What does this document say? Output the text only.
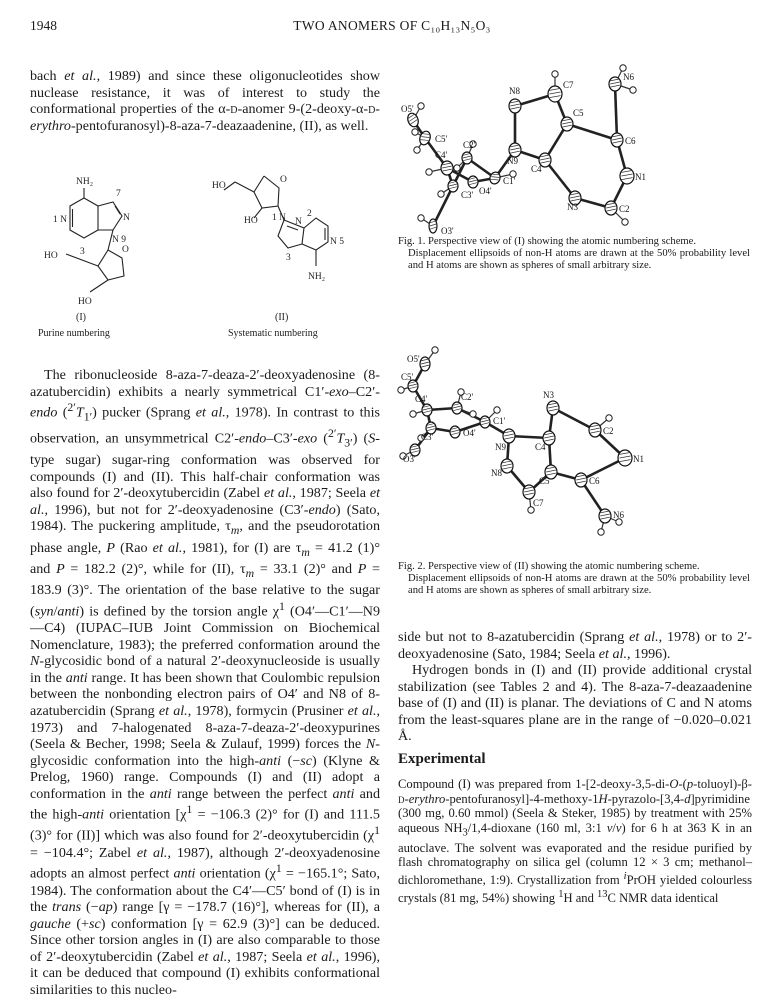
1948	TWO ANOMERS OF C₁₀H₁₃N₅O₃
bach et al., 1989) and since these oligonucleotides show nuclease resistance, it was of interest to study the conformational properties of the α-d-anomer 9-(2-deoxy-α-d-erythro-pentofuranosyl)-8-aza-7-deazaadenine, (II), as well.
NH₂
1 N
7
N
N 9
3
HO
O
HO
HO
O
HO 1 N N
2
N 5
3
NH₂
(I)	(II)
Purine numbering	Systematic numbering

The ribonucleoside 8-aza-7-deaza-2′-deoxyadenosine (8-azatubercidin) exhibits a nearly symmetrical C1′-exo–C2′-endo $(^{2'}T_{1'})$ pucker (Sprang et al., 1978). In contrast to this observation, an unsymmetrical C2′-endo–C3′-exo $(^{2'}T_{3'})$ (S-type sugar) sugar-ring conformation was observed for compounds (I) and (II). This half-chair conformation was also found for 2′-deoxytubercidin (Zabel et al., 1987; Seela et al., 1996), but not for 2′-deoxyadenosine (C3′-endo) (Sato, 1984). The puckering amplitude, $\tau_m$, and the pseudorotation phase angle, P (Rao et al., 1981), for (I) are $\tau_m = 41.2$ (1)° and P = 182.2 (2)°, while for (II), $\tau_m = 33.1$ (2)° and P = 183.9 (3)°. The orientation of the base relative to the sugar (syn/anti) is defined by the torsion angle $\chi^1$ (O4′—C1′—N9—C4) (IUPAC–IUB Joint Commission on Biochemical Nomenclature, 1983); the preferred conformation around the N-glycosidic bond of a natural 2′-deoxynucleoside is usually in the anti range. It has been shown that Coulombic repulsion between the nonbonding electron pairs of O4′ and N8 of 8-azatubercidin (Sprang et al., 1978), formycin (Prusiner et al., 1973) and 7-halogenated 8-aza-7-deaza-2′-deoxypurines (Seela & Becher, 1998; Seela & Zulauf, 1999) forces the N-glycosidic conformation into the high-anti (−sc) (Klyne & Prelog, 1960) range. Compounds (I) and (II) adopt a conformation in the anti range between the perfect anti and the high-anti orientation [$\chi^1 = -106.3$ (2)° for (I) and 111.5 (3)° for (II)] which was also found for 2′-deoxytubercidin ($\chi^1 = -104.4^\circ$; Zabel et al., 1987), although 2′-deoxyadenosine adopts an almost perfect anti orientation ($\chi^1 = -165.1^\circ$; Sato, 1984). The conformation about the C4′—C5′ bond of (I) is in the trans (−ap) range [γ = −178.7 (16)°], whereas for (II), a gauche (+sc) conformation [γ = 62.9 (3)°] can be deduced. Since other torsion angles in (I) are also comparable to those of 2′-deoxytubercidin (Zabel et al., 1987; Seela et al., 1996), it can be deduced that compound (I) exhibits conformational similarities to this nucleo-

O5'
C5'
C4'
C3'
O3'
O4'
C2'
C1'
N8
C7
N6
C5
C6
N9
C4
N1
N3	C2
Fig. 1. Perspective view of (I) showing the atomic numbering scheme.
Displacement ellipsoids of non-H atoms are drawn at the 50% probability level and H atoms are shown as spheres of small arbitrary size.
O5'
C5'
C4'	C2'
C1'
O4'
C3'
O3'
N3
N9	C4
C2
N1
N8
C5	C6
C7
N6
Fig. 2. Perspective view of (II) showing the atomic numbering scheme.
Displacement ellipsoids of non-H atoms are drawn at the 50% probability level and H atoms are shown as spheres of small arbitrary size.

side but not to 8-azatubercidin (Sprang et al., 1978) or to 2′-deoxyadenosine (Sato, 1984; Seela et al., 1996).

Hydrogen bonds in (I) and (II) provide additional crystal stabilization (see Tables 2 and 4). The 8-aza-7-deazaadenine base of (I) and (II) is planar. The deviations of C and N atoms from the least-squares plane are in the range of −0.020–0.021 Å.

Experimental
Compound (I) was prepared from 1-[2-deoxy-3,5-di-O-(p-toluoyl)-β-d-erythro-pentofuranosyl]-4-methoxy-1H-pyrazolo-[3,4-d]pyrimidine (300 mg, 0.60 mmol) (Seela & Steker, 1985) by treatment with 25% aqueous $NH_3/1,4$-dioxane (160 ml, 3:1 v/v) for 6 h at 363 K in an autoclave. The solvent was evaporated and the residue purified by flash chromatography on silica gel (column 12 × 3 cm; methanol–dichloromethane, 1:9). Crystallization from $^i$PrOH yielded colourless crystals (81 mg, 54%) showing $^1$H and $^{13}$C NMR data identical
